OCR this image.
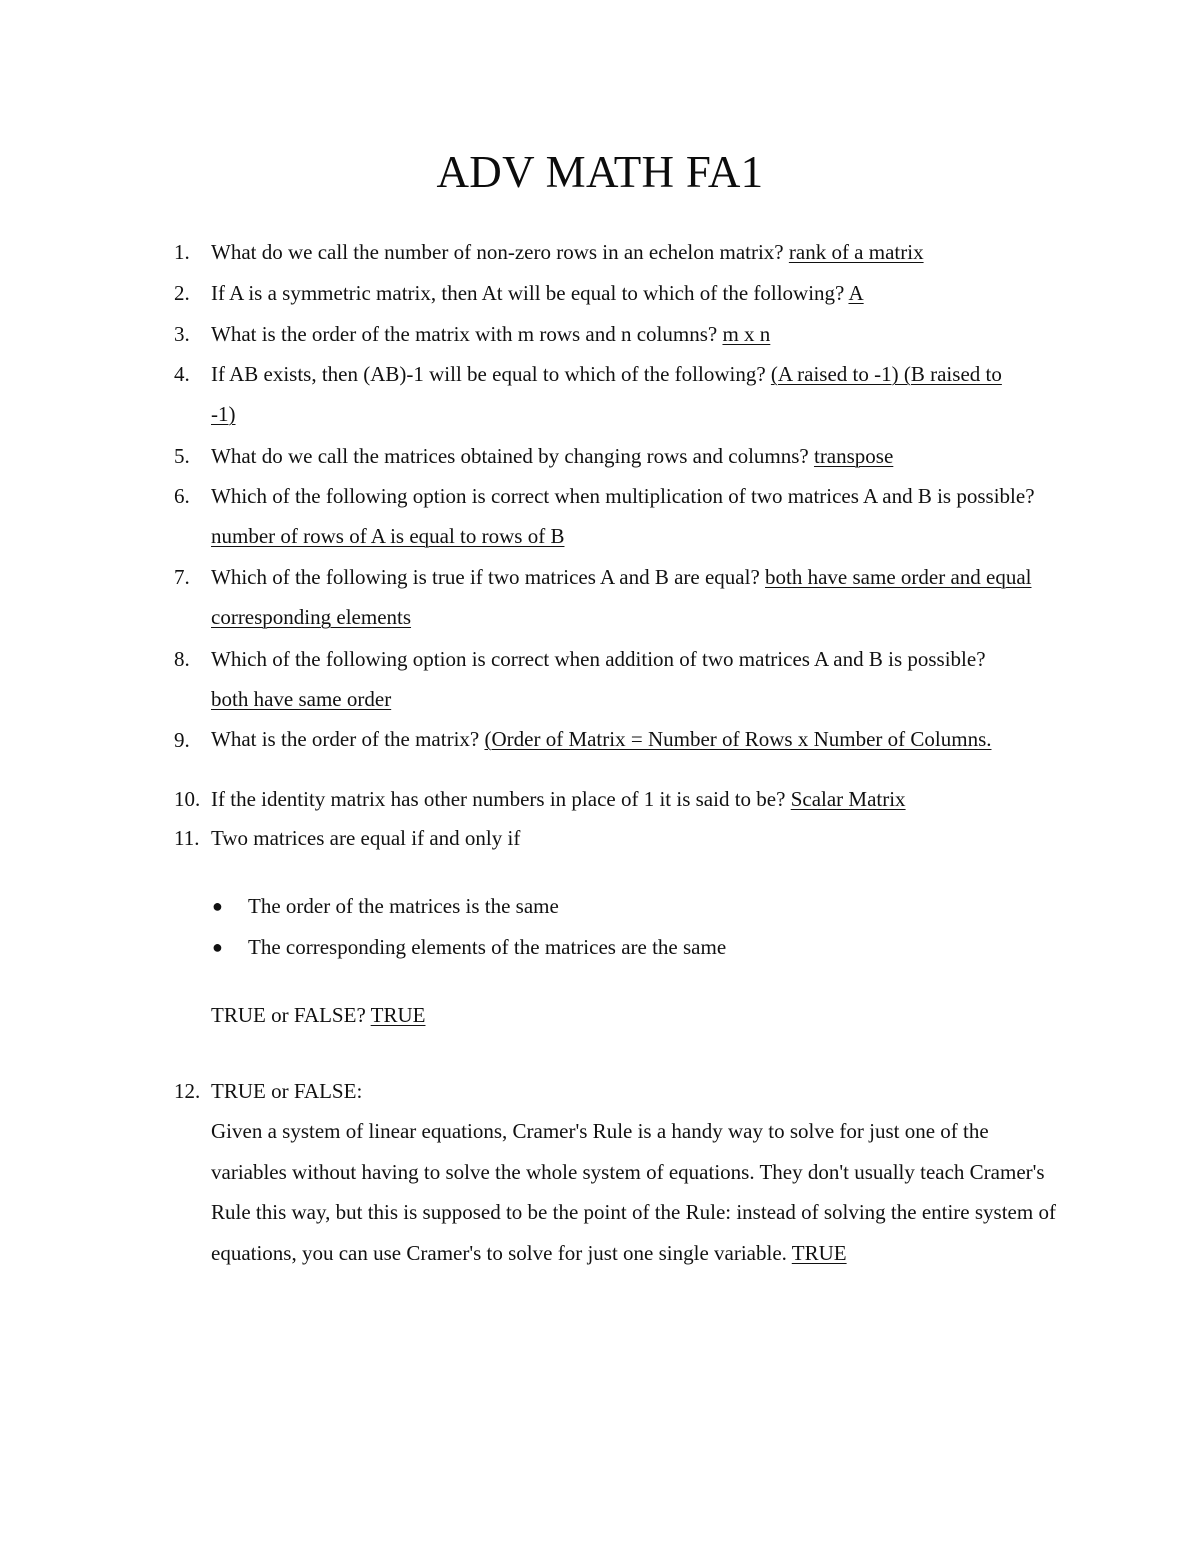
ADV MATH FA1
1.	What do we call the number of non-zero rows in an echelon matrix? rank of a matrix
2.	If A is a symmetric matrix, then At will be equal to which of the following? A
3.	What is the order of the matrix with m rows and n columns? m x n
4.	If AB exists, then (AB)-1 will be equal to which of the following? (A raised to -1) (B raised to -1)
5.	What do we call the matrices obtained by changing rows and columns? transpose
6.	Which of the following option is correct when multiplication of two matrices A and B is possible? number of rows of A is equal to rows of B
7.	Which of the following is true if two matrices A and B are equal? both have same order and equal corresponding elements
8.	Which of the following option is correct when addition of two matrices A and B is possible? both have same order
9.	What is the order of the matrix? (Order of Matrix = Number of Rows x Number of Columns.
10. If the identity matrix has other numbers in place of 1 it is said to be? Scalar Matrix
11. Two matrices are equal if and only if
● The order of the matrices is the same
● The corresponding elements of the matrices are the same
TRUE or FALSE? TRUE
12. TRUE or FALSE:
Given a system of linear equations, Cramer's Rule is a handy way to solve for just one of the variables without having to solve the whole system of equations. They don't usually teach Cramer's Rule this way, but this is supposed to be the point of the Rule: instead of solving the entire system of equations, you can use Cramer's to solve for just one single variable. TRUE
